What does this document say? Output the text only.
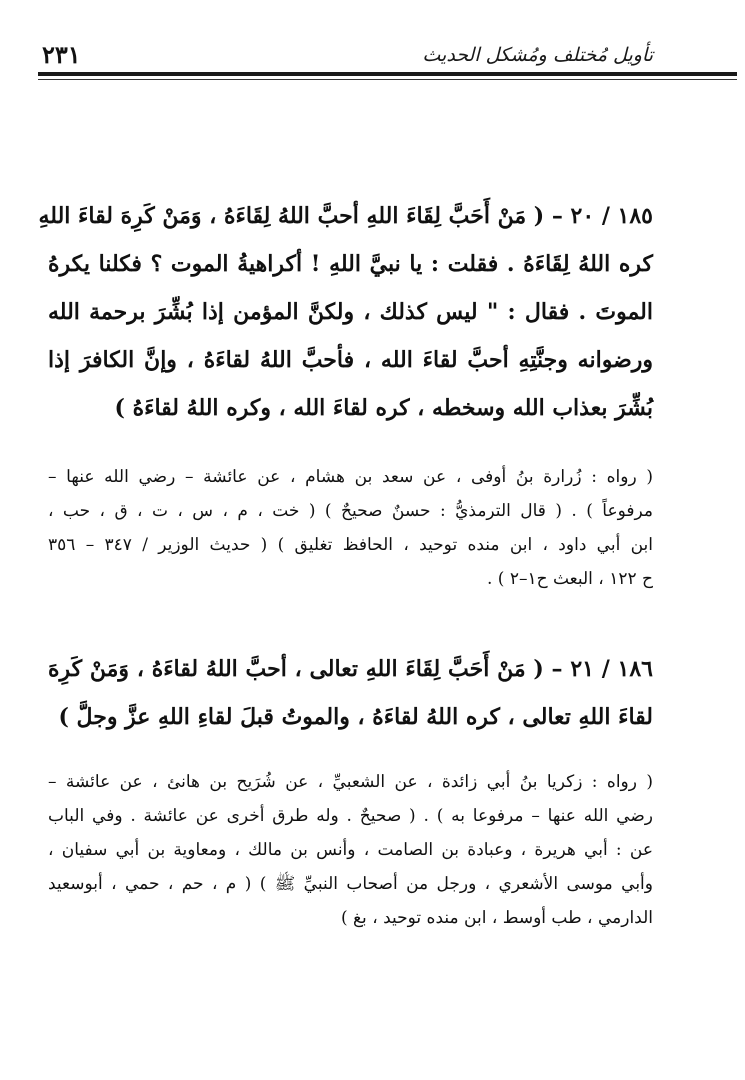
تأويل مُختلف ومُشكل الحديث
٢٣١
١٨٥ / ٢٠ – ( مَنْ أَحَبَّ لِقَاءَ اللهِ أحبَّ اللهُ لِقَاءَهُ ، وَمَنْ كَرِهَ لقاءَ اللهِ
كره اللهُ لِقَاءَهُ . فقلت : يا نبيَّ اللهِ ! أكراهيةُ الموت ؟ فكلنا يكرهُ
الموتَ . فقال : " ليس كذلك ، ولكنَّ المؤمن إذا بُشِّرَ برحمة الله
ورضوانه وجنَّتِهِ أحبَّ لقاءَ الله ، فأحبَّ اللهُ لقاءَهُ ، وإنَّ الكافرَ إذا
بُشِّرَ بعذاب الله وسخطه ، كره لقاءَ الله ، وكره اللهُ لقاءَهُ )
( رواه : زُرارة بنُ أوفى ، عن سعد بن هشام ، عن عائشة – رضي الله عنها –
مرفوعاً ) . ( قال الترمذيُّ : حسنٌ صحيحٌ ) ( خت ، م ، س ، ت ، ق ، حب ،
ابن أبي داود ، ابن منده توحيد ، الحافظ تغليق ) ( حديث الوزير / ٣٤٧ – ٣٥٦
ح ١٢٢ ، البعث ح١–٢ ) .
١٨٦ / ٢١ – ( مَنْ أَحَبَّ لِقَاءَ اللهِ تعالى ، أحبَّ اللهُ لقاءَهُ ، وَمَنْ كَرِهَ
لقاءَ اللهِ تعالى ، كره اللهُ لقاءَهُ ، والموتُ قبلَ لقاءِ اللهِ عزَّ وجلَّ )
( رواه : زكريا بنُ أبي زائدة ، عن الشعبيِّ ، عن شُرَيح بن هانئ ، عن عائشة –
رضي الله عنها – مرفوعا به ) . ( صحيحٌ . وله طرق أخرى عن عائشة . وفي الباب
عن : أبي هريرة ، وعبادة بن الصامت ، وأنس بن مالك ، ومعاوية بن أبي سفيان ،
وأبي موسى الأشعري ، ورجل من أصحاب النبيِّ ﷺ ) ( م ، حم ، حمي ، أبوسعيد
الدارمي ، طب أوسط ، ابن منده توحيد ، بغ )
